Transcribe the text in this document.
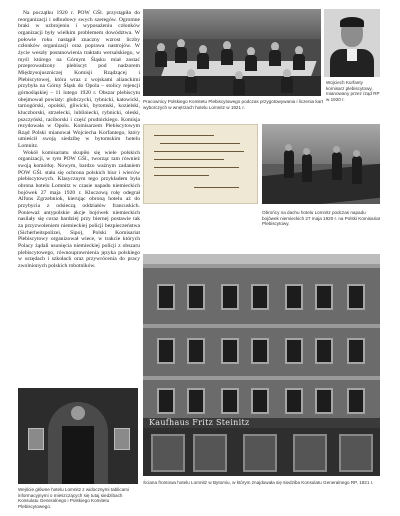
Na początku 1920 r. POW GŚl. przystąpiła do reorganizacji i odbudowy swych szeregów. Ogromne braki w uzbrojeniu i wyposażeniu członków organizacji były wielkim problemem dowództwa. W połowie roku nastąpił znaczny wzrost liczby członków organizacji oraz poprawa nastrojów. W życie weszły postanowienia traktatu wersalskiego, w myśl którego na Górnym Śląsku miał zostać przeprowadzony plebiscyt pod nadzorem Międzysojuszniczej Komisji Rządzącej i Plebiscytowej, która wraz z wojskami alianckimi przybyła na Górny Śląsk do Opola – stolicy rejencji górnośląskiej – 11 lutego 1920 r. Obszar plebiscytu obejmował powiaty: głubczycki, rybnicki, katowicki, tarnogórski, opolski, gliwicki, bytomski, kozielski, kluczborski, strzelecki, lubliniecki, rybnicki, oleski, pszczyński, raciborski i część prudnickiego. Komisja rezydowała w Opolu. Komisarzem Plebiscytowym Rząd Polski mianował Wojciecha Korfantego, który umieścił swoją siedzibę w bytomskim hotelu Lomnitz.

Wokół komisariatu skupiło się wiele polskich organizacji, w tym POW GŚl., tworząc tam również swoją komórkę. Nowym, bardzo ważnym zadaniem POW GŚl. stała się ochrona polskich biur i wieców plebiscytowych. Klasycznym tego przykładem była obrona hotelu Lomnitz w czasie napadu niemieckich bojówek 27 maja 1920 r. Kluczową rolę odegrał Alfons Zgrzebniok, kierując obroną hotelu aż do przybycia z odsieczą oddziałów francuskich. Ponieważ antypolskie akcje bojówek niemieckich nasilały się coraz bardziej przy biernej postawie tak za przyzwoleniem niemieckiej policji bezpieczeństwa (Sicherheitspolizei, Sipo), Polski Komisariat Plebiscytowy organizował wiece, w trakcie których Polacy żądali usunięcia niemieckiej policji z obszaru plebiscytowego, równouprawnienia języka polskiego w urzędach i szkołach oraz przywrócenia do pracy zwolnionych polskich robotników.

Pracownicy Polskiego Komitetu Plebiscytowego podczas przygotowywania i liczenia kart wyborczych w wnętrzach hotelu Lomnitz w 1921 r.
Wojciech Korfanty komisarz plebiscytowy, mianowany przez rząd RP w 1920 r.
Obrońcy na dachu hotelu Lomnitz podczas napadu bojówek niemieckich 27 maja 1920 r. na Polski Komisariat Plebiscytowy.
Kaufhaus Fritz Steinitz
Ściana frontowa hotelu Lomnitz w Bytomiu, w którym znajdowała się siedziba Konsulatu Generalnego RP, 1921 r.
Wejście główne hotelu Lomnitz z widocznymi tablicami informacyjnymi o mieszczących się tutaj siedzibach Konsulatu Generalnego i Polskiego Komitetu Plebiscytowego.
